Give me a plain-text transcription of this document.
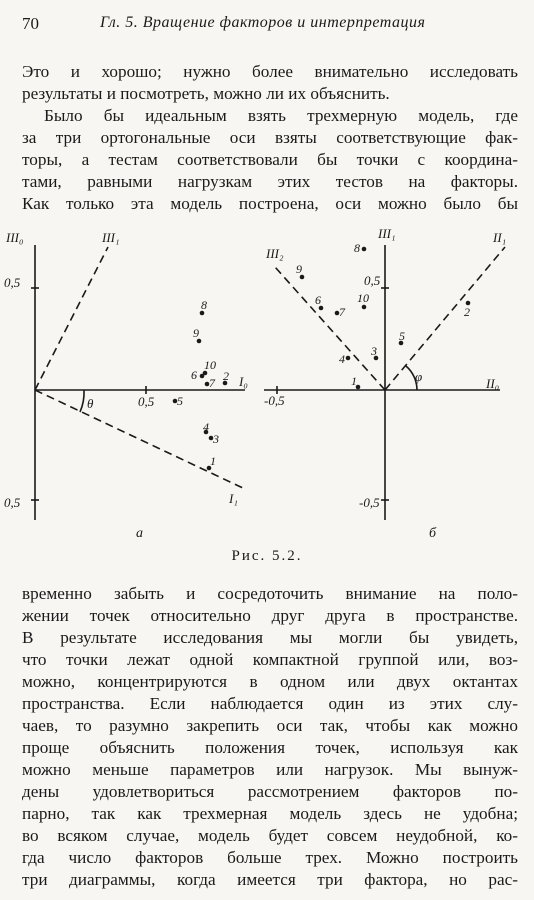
70	Гл. 5. Вращение факторов и интерпретация

Это и хорошо; нужно более внимательно исследовать
результаты и посмотреть, можно ли их объяснить.
Было бы идеальным взять трехмерную модель, где
за три ортогональные оси взяты соответствующие фак-
торы, а тестам соответствовали бы точки с координа-
тами, равными нагрузкам этих тестов на факторы.
Как только эта модель построена, оси можно было бы

1
2
3
4
5
6
7
8
9
10
1
2
3
4
5
6
7
8
9
10
III₀	III₁
I₀
I₁
θ
0,5
0,5
0,5
а
III₂
III₁	II₁
II₀
φ
0,5
-0,5
-0,5
б
Рис. 5.2.

временно забыть и сосредоточить внимание на поло-
жении точек относительно друг друга в пространстве.
В результате исследования мы могли бы увидеть,
что точки лежат одной компактной группой или, воз-
можно, концентрируются в одном или двух октантах
пространства. Если наблюдается один из этих слу-
чаев, то разумно закрепить оси так, чтобы как можно
проще объяснить положения точек, используя как
можно меньше параметров или нагрузок. Мы вынуж-
дены удовлетвориться рассмотрением факторов по-
парно, так как трехмерная модель здесь не удобна;
во всяком случае, модель будет совсем неудобной, ко-
гда число факторов больше трех. Можно построить
три диаграммы, когда имеется три фактора, но рас-
